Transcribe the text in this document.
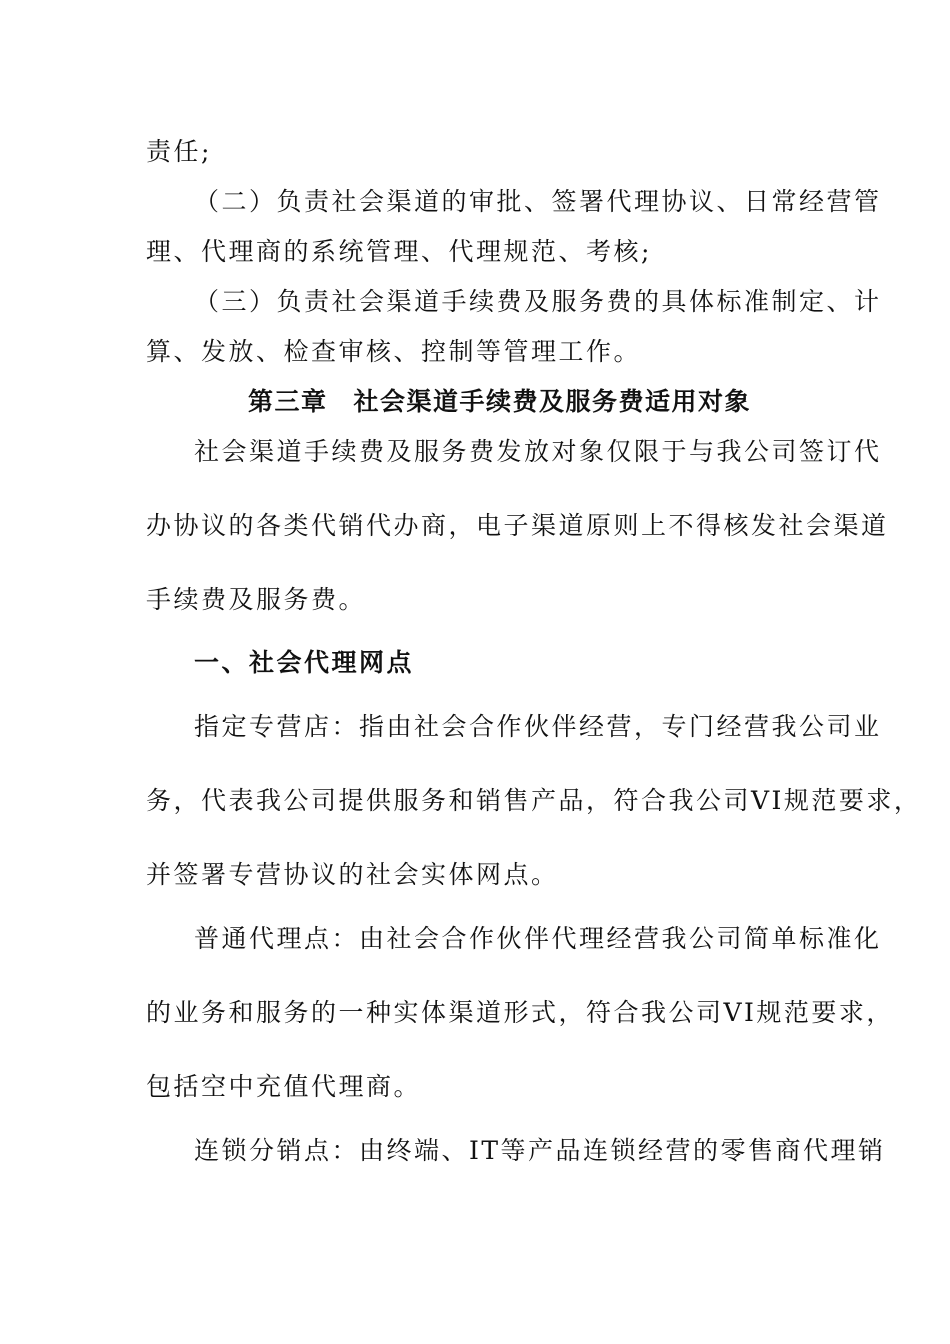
责任;
（二）负责社会渠道的审批、签署代理协议、日常经营管
理、代理商的系统管理、代理规范、考核;
（三）负责社会渠道手续费及服务费的具体标准制定、计
算、发放、检查审核、控制等管理工作。
第三章 社会渠道手续费及服务费适用对象
社会渠道手续费及服务费发放对象仅限于与我公司签订代
办协议的各类代销代办商，电子渠道原则上不得核发社会渠道
手续费及服务费。
一、社会代理网点
指定专营店：指由社会合作伙伴经营，专门经营我公司业
务，代表我公司提供服务和销售产品，符合我公司VI规范要求，
并签署专营协议的社会实体网点。
普通代理点：由社会合作伙伴代理经营我公司简单标准化
的业务和服务的一种实体渠道形式，符合我公司VI规范要求，
包括空中充值代理商。
连锁分销点：由终端、IT等产品连锁经营的零售商代理销
